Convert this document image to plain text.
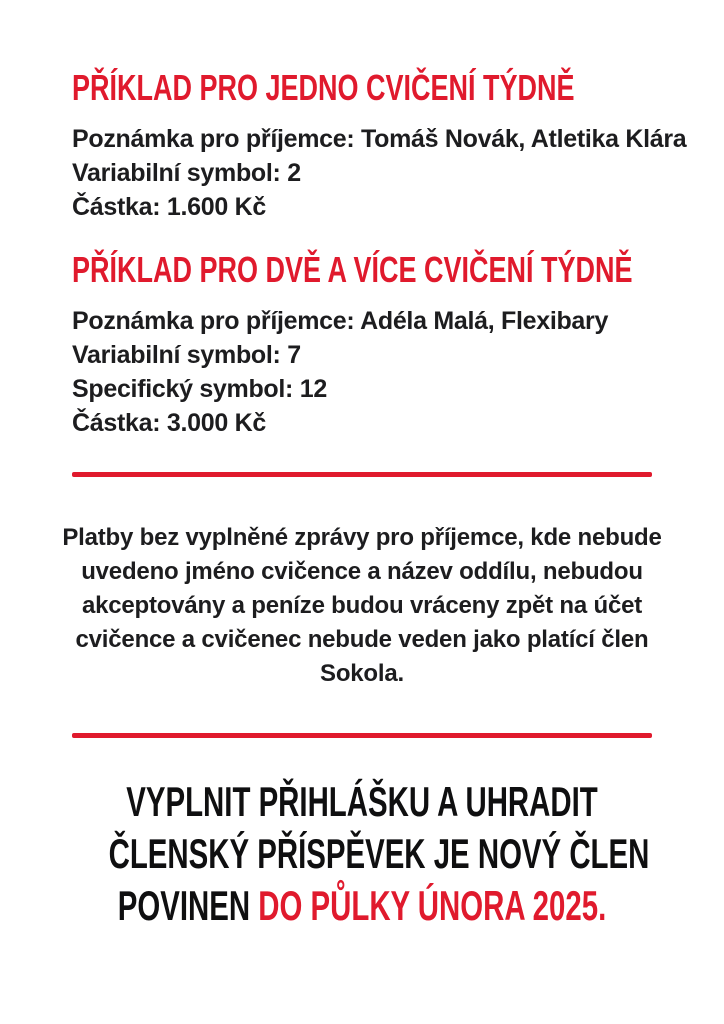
PŘÍKLAD PRO JEDNO CVIČENÍ TÝDNĚ
Poznámka pro příjemce: Tomáš Novák, Atletika Klára
Variabilní symbol: 2
Částka: 1.600 Kč
PŘÍKLAD PRO DVĚ A VÍCE CVIČENÍ TÝDNĚ
Poznámka pro příjemce: Adéla Malá, Flexibary
Variabilní symbol: 7
Specifický symbol: 12
Částka: 3.000 Kč

Platby bez vyplněné zprávy pro příjemce, kde nebude uvedeno jméno cvičence a název oddílu, nebudou akceptovány a peníze budou vráceny zpět na účet cvičence a cvičenec nebude veden jako platící člen Sokola.

VYPLNIT PŘIHLÁŠKU A UHRADIT
ČLENSKÝ PŘÍSPĚVEK JE NOVÝ ČLEN
POVINEN DO PŮLKY ÚNORA 2025.
